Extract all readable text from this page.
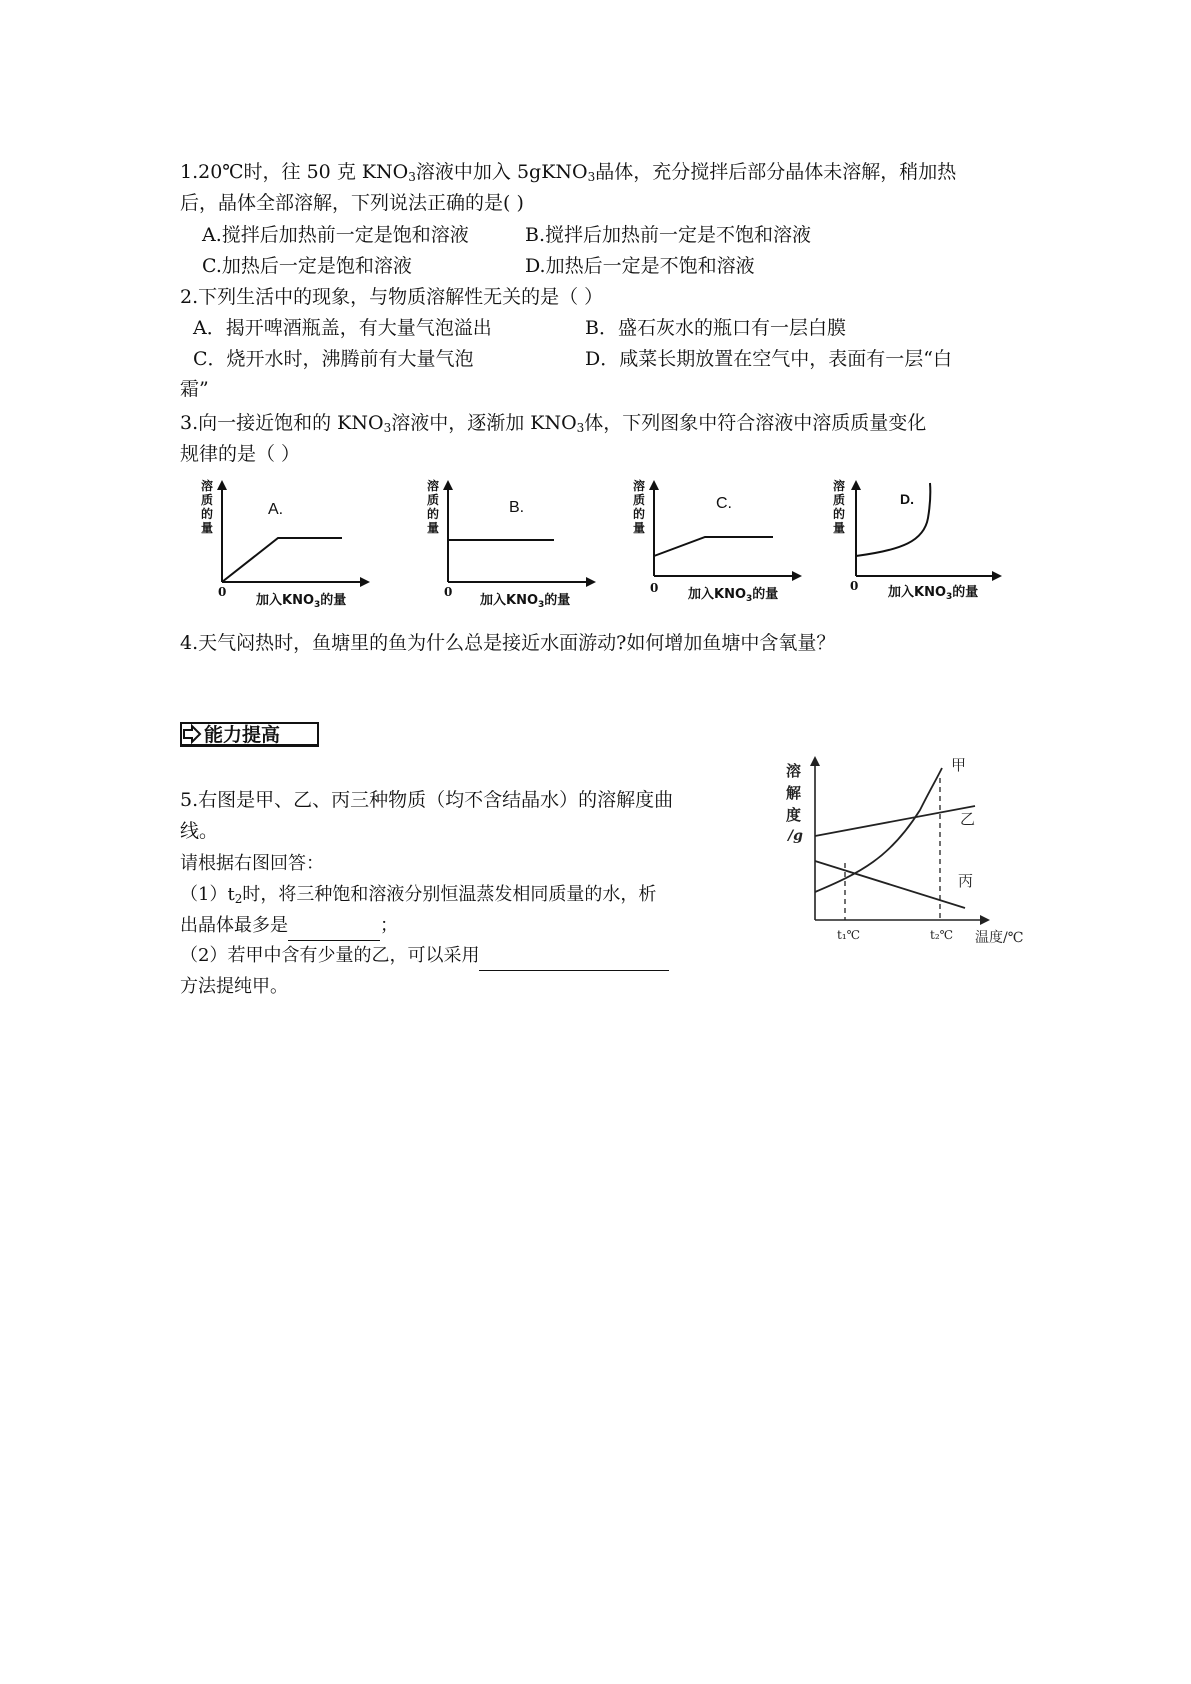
1.20℃时，往 50 克 $KNO_3$溶液中加入 5gKNO$_3$晶体，充分搅拌后部分晶体未溶解，稍加热
后，晶体全部溶解，下列说法正确的是( )
A.搅拌后加热前一定是饱和溶液	B.搅拌后加热前一定是不饱和溶液
C.加热后一定是饱和溶液	D.加热后一定是不饱和溶液
2.下列生活中的现象，与物质溶解性无关的是（ ）
A．揭开啤酒瓶盖，有大量气泡溢出	B．盛石灰水的瓶口有一层白膜
C．烧开水时，沸腾前有大量气泡	D．咸菜长期放置在空气中，表面有一层“白
霜”
3.向一接近饱和的 $KNO_3$溶液中，逐渐加 $KNO_3$体，下列图象中符合溶液中溶质质量变化
规律的是（ ）
溶
质
的
量
0
A.
加入$KNO_3$的量
溶
质
的
量
0
B.
加入$KNO_3$的量
溶
质
的
量
0
C.
加入$KNO_3$的量
溶
质
的
量
0
D.
加入$KNO_3$的量
4.天气闷热时，鱼塘里的鱼为什么总是接近水面游动?如何增加鱼塘中含氧量？
能力提高
5.右图是甲、乙、丙三种物质（均不含结晶水）的溶解度曲
线。
请根据右图回答：
$(1)t_2$时，将三种饱和溶液分别恒温蒸发相同质量的水，析
出晶体最多是	；
（2）若甲中含有少量的乙，可以采用
方法提纯甲。
溶
解
度
/g
甲
乙
丙
t₁℃	t₂℃ 温度/℃
